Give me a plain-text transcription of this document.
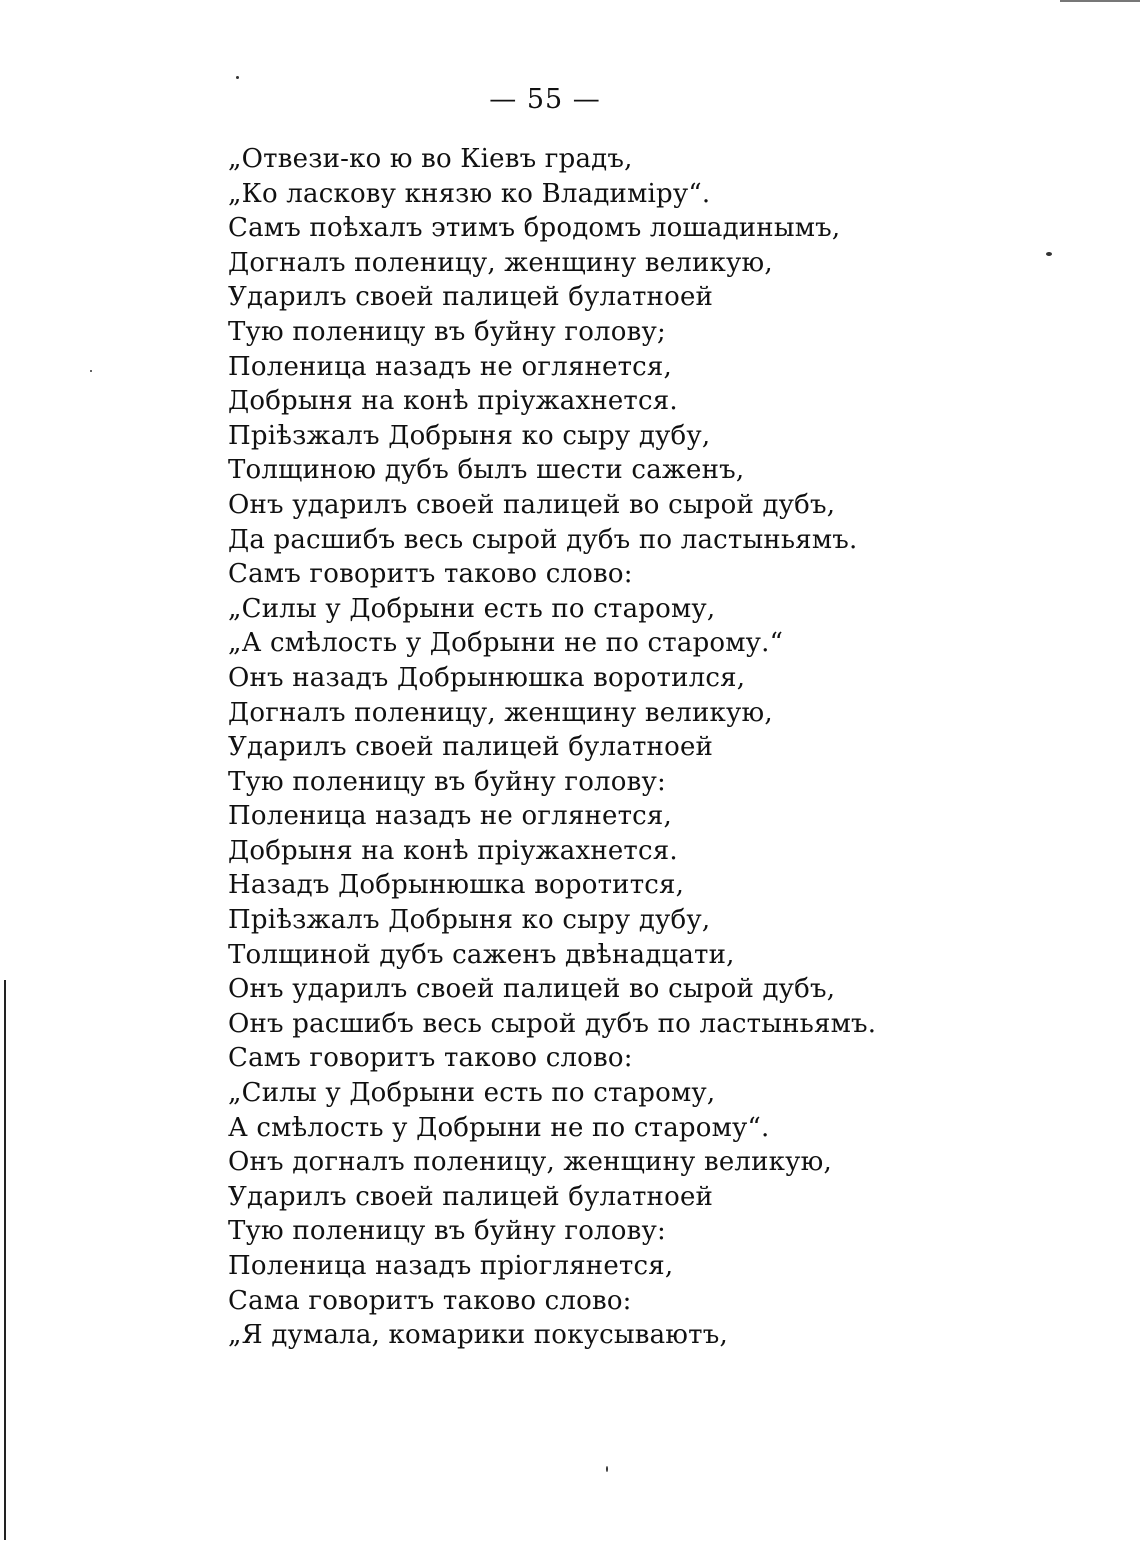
— 55 —
„Отвези-ко ю во Кіевъ градъ,
„Ко ласкову князю ко Владиміру“.
Самъ поѣхалъ этимъ бродомъ лошадинымъ,
Догналъ поленицу, женщину великую,
Ударилъ своей палицей булатноей
Тую поленицу въ буйну голову;
Поленица назадъ не оглянется,
Добрыня на конѣ пріужахнется.
Пріѣзжалъ Добрыня ко сыру дубу,
Толщиною дубъ былъ шести саженъ,
Онъ ударилъ своей палицей во сырой дубъ,
Да расшибъ весь сырой дубъ по ластыньямъ.
Самъ говоритъ таково слово:
„Силы у Добрыни есть по старому,
„А смѣлость у Добрыни не по старому.“
Онъ назадъ Добрынюшка воротился,
Догналъ поленицу, женщину великую,
Ударилъ своей палицей булатноей
Тую поленицу въ буйну голову:
Поленица назадъ не оглянется,
Добрыня на конѣ пріужахнется.
Назадъ Добрынюшка воротится,
Пріѣзжалъ Добрыня ко сыру дубу,
Толщиной дубъ саженъ двѣнадцати,
Онъ ударилъ своей палицей во сырой дубъ,
Онъ расшибъ весь сырой дубъ по ластыньямъ.
Самъ говоритъ таково слово:
„Силы у Добрыни есть по старому,
А смѣлость у Добрыни не по старому“.
Онъ догналъ поленицу, женщину великую,
Ударилъ своей палицей булатноей
Тую поленицу въ буйну голову:
Поленица назадъ пріоглянется,
Сама говоритъ таково слово:
„Я думала, комарики покусываютъ,
